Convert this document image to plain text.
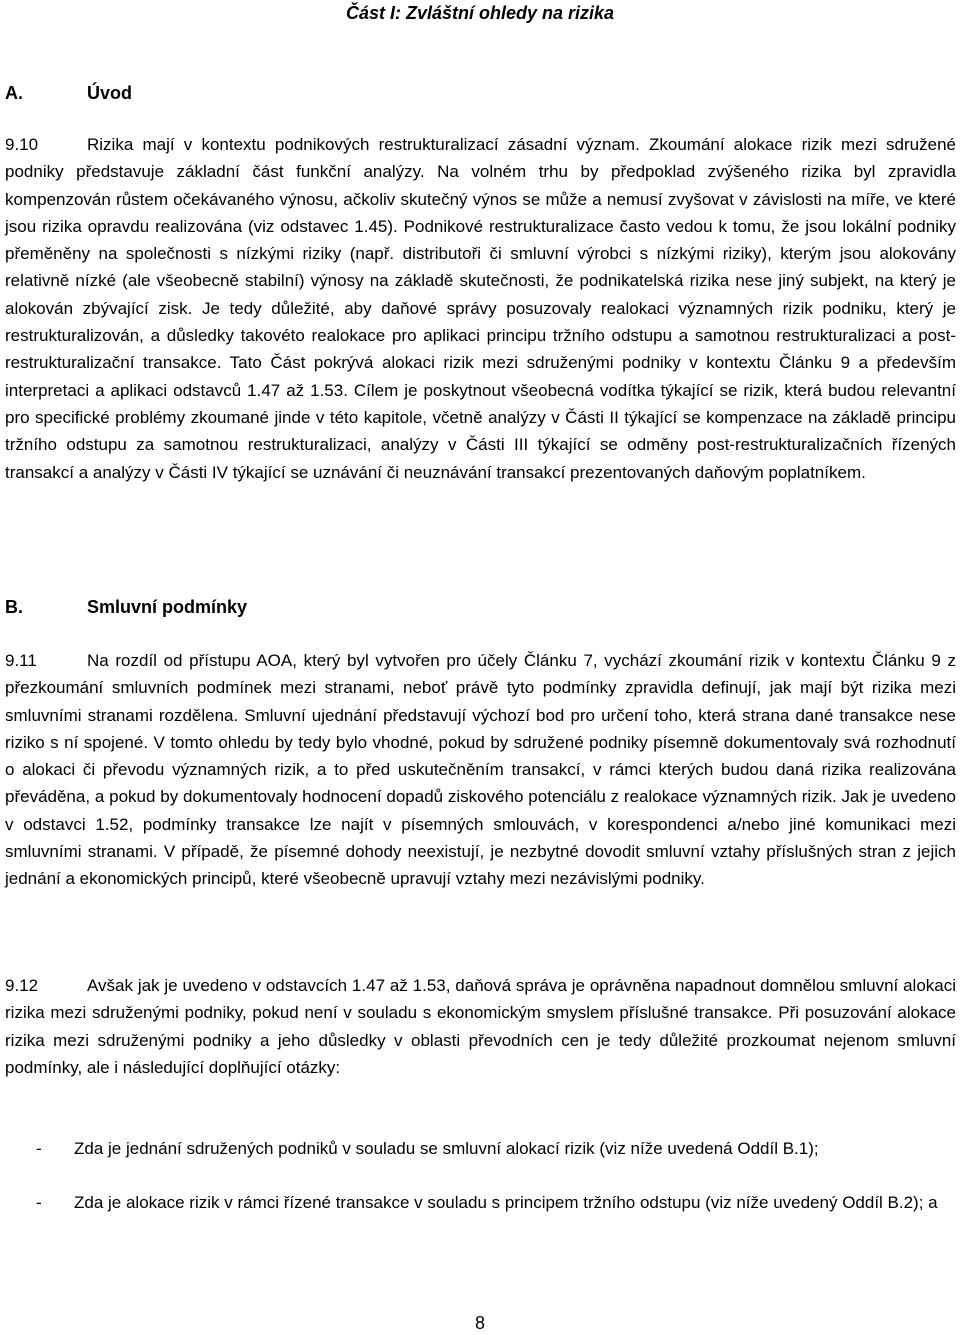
Část I: Zvláštní ohledy na rizika
A.	Úvod

9.10	Rizika mají v kontextu podnikových restrukturalizací zásadní význam. Zkoumání alokace rizik mezi sdružené podniky představuje základní část funkční analýzy. Na volném trhu by předpoklad zvýšeného rizika byl zpravidla kompenzován růstem očekávaného výnosu, ačkoliv skutečný výnos se může a nemusí zvyšovat v závislosti na míře, ve které jsou rizika opravdu realizována (viz odstavec 1.45). Podnikové restrukturalizace často vedou k tomu, že jsou lokální podniky přeměněny na společnosti s nízkými riziky (např. distributoři či smluvní výrobci s nízkými riziky), kterým jsou alokovány relativně nízké (ale všeobecně stabilní) výnosy na základě skutečnosti, že podnikatelská rizika nese jiný subjekt, na který je alokován zbývající zisk. Je tedy důležité, aby daňové správy posuzovaly realokaci významných rizik podniku, který je restrukturalizován, a důsledky takovéto realokace pro aplikaci principu tržního odstupu a samotnou restrukturalizaci a post-restrukturalizační transakce. Tato Část pokrývá alokaci rizik mezi sdruženými podniky v kontextu Článku 9 a především interpretaci a aplikaci odstavců 1.47 až 1.53. Cílem je poskytnout všeobecná vodítka týkající se rizik, která budou relevantní pro specifické problémy zkoumané jinde v této kapitole, včetně analýzy v Části II týkající se kompenzace na základě principu tržního odstupu za samotnou restrukturalizaci, analýzy v Části III týkající se odměny post-restrukturalizačních řízených transakcí a analýzy v Části IV týkající se uznávání či neuznávání transakcí prezentovaných daňovým poplatníkem.

B.	Smluvní podmínky

9.11	Na rozdíl od přístupu AOA, který byl vytvořen pro účely Článku 7, vychází zkoumání rizik v kontextu Článku 9 z přezkoumání smluvních podmínek mezi stranami, neboť právě tyto podmínky zpravidla definují, jak mají být rizika mezi smluvními stranami rozdělena. Smluvní ujednání představují výchozí bod pro určení toho, která strana dané transakce nese riziko s ní spojené. V tomto ohledu by tedy bylo vhodné, pokud by sdružené podniky písemně dokumentovaly svá rozhodnutí o alokaci či převodu významných rizik, a to před uskutečněním transakcí, v rámci kterých budou daná rizika realizována převáděna, a pokud by dokumentovaly hodnocení dopadů ziskového potenciálu z realokace významných rizik. Jak je uvedeno v odstavci 1.52, podmínky transakce lze najít v písemných smlouvách, v korespondenci a/nebo jiné komunikaci mezi smluvními stranami. V případě, že písemné dohody neexistují, je nezbytné dovodit smluvní vztahy příslušných stran z jejich jednání a ekonomických principů, které všeobecně upravují vztahy mezi nezávislými podniky.

9.12	Avšak jak je uvedeno v odstavcích 1.47 až 1.53, daňová správa je oprávněna napadnout domnělou smluvní alokaci rizika mezi sdruženými podniky, pokud není v souladu s ekonomickým smyslem příslušné transakce. Při posuzování alokace rizika mezi sdruženými podniky a jeho důsledky v oblasti převodních cen je tedy důležité prozkoumat nejenom smluvní podmínky, ale i následující doplňující otázky:

-	Zda je jednání sdružených podniků v souladu se smluvní alokací rizik (viz níže uvedená Oddíl B.1);

-	Zda je alokace rizik v rámci řízené transakce v souladu s principem tržního odstupu (viz níže uvedený Oddíl B.2); a

8
